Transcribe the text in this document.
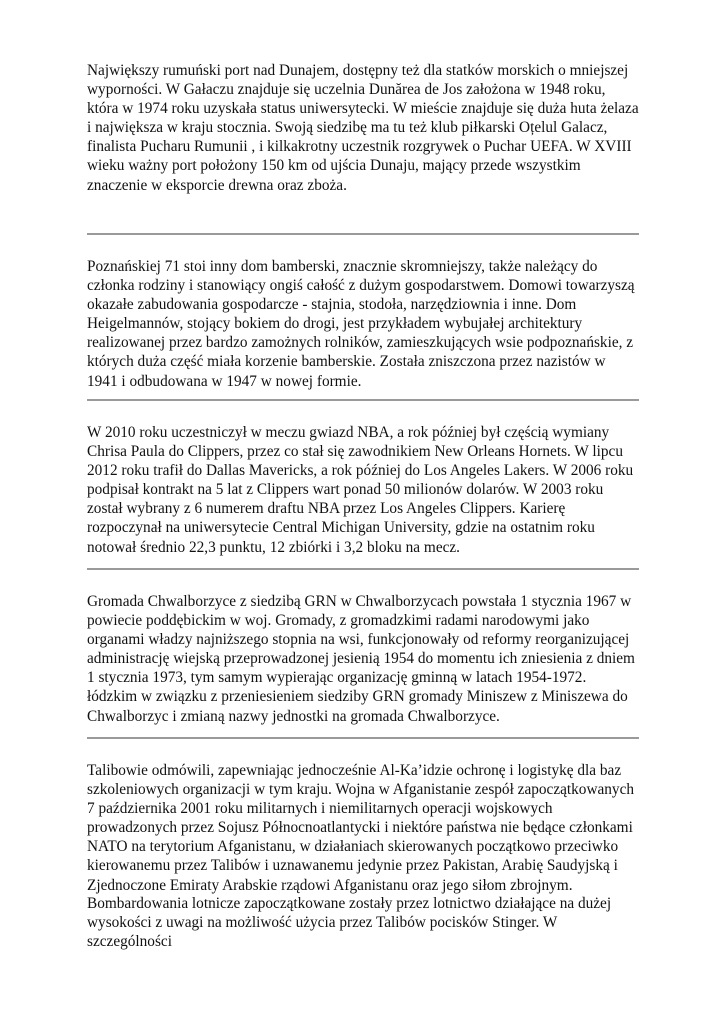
Największy rumuński port nad Dunajem, dostępny też dla statków morskich o mniejszej wyporności. W Gałaczu znajduje się uczelnia Dunărea de Jos założona w 1948 roku, która w 1974 roku uzyskała status uniwersytecki. W mieście znajduje się duża huta żelaza i największa w kraju stocznia. Swoją siedzibę ma tu też klub piłkarski Oțelul Galacz, finalista Pucharu Rumunii , i kilkakrotny uczestnik rozgrywek o Puchar UEFA. W XVIII wieku ważny port położony 150 km od ujścia Dunaju, mający przede wszystkim znaczenie w eksporcie drewna oraz zboża.

Poznańskiej 71 stoi inny dom bamberski, znacznie skromniejszy, także należący do członka rodziny i stanowiący ongiś całość z dużym gospodarstwem. Domowi towarzyszą okazałe zabudowania gospodarcze - stajnia, stodoła, narzędziownia i inne. Dom Heigelmannów, stojący bokiem do drogi, jest przykładem wybujałej architektury realizowanej przez bardzo zamożnych rolników, zamieszkujących wsie podpoznańskie, z których duża część miała korzenie bamberskie. Została zniszczona przez nazistów w 1941 i odbudowana w 1947 w nowej formie.

W 2010 roku uczestniczył w meczu gwiazd NBA, a rok później był częścią wymiany Chrisa Paula do Clippers, przez co stał się zawodnikiem New Orleans Hornets. W lipcu 2012 roku trafił do Dallas Mavericks, a rok później do Los Angeles Lakers. W 2006 roku podpisał kontrakt na 5 lat z Clippers wart ponad 50 milionów dolarów. W 2003 roku został wybrany z 6 numerem draftu NBA przez Los Angeles Clippers. Karierę rozpoczynał na uniwersytecie Central Michigan University, gdzie na ostatnim roku notował średnio 22,3 punktu, 12 zbiórki i 3,2 bloku na mecz.

Gromada Chwalborzyce z siedzibą GRN w Chwalborzycach powstała 1 stycznia 1967 w powiecie poddębickim w woj. Gromady, z gromadzkimi radami narodowymi jako organami władzy najniższego stopnia na wsi, funkcjonowały od reformy reorganizującej administrację wiejską przeprowadzonej jesienią 1954 do momentu ich zniesienia z dniem 1 stycznia 1973, tym samym wypierając organizację gminną w latach 1954-1972. łódzkim w związku z przeniesieniem siedziby GRN gromady Miniszew z Miniszewa do Chwalborzyc i zmianą nazwy jednostki na gromada Chwalborzyce.

Talibowie odmówili, zapewniając jednocześnie Al-Ka’idzie ochronę i logistykę dla baz szkoleniowych organizacji w tym kraju. Wojna w Afganistanie zespół zapoczątkowanych 7 października 2001 roku militarnych i niemilitarnych operacji wojskowych prowadzonych przez Sojusz Północnoatlantycki i niektóre państwa nie będące członkami NATO na terytorium Afganistanu, w działaniach skierowanych początkowo przeciwko kierowanemu przez Talibów i uznawanemu jedynie przez Pakistan, Arabię Saudyjską i Zjednoczone Emiraty Arabskie rządowi Afganistanu oraz jego siłom zbrojnym.

Bombardowania lotnicze zapoczątkowane zostały przez lotnictwo działające na dużej wysokości z uwagi na możliwość użycia przez Talibów pocisków Stinger. W szczególności
